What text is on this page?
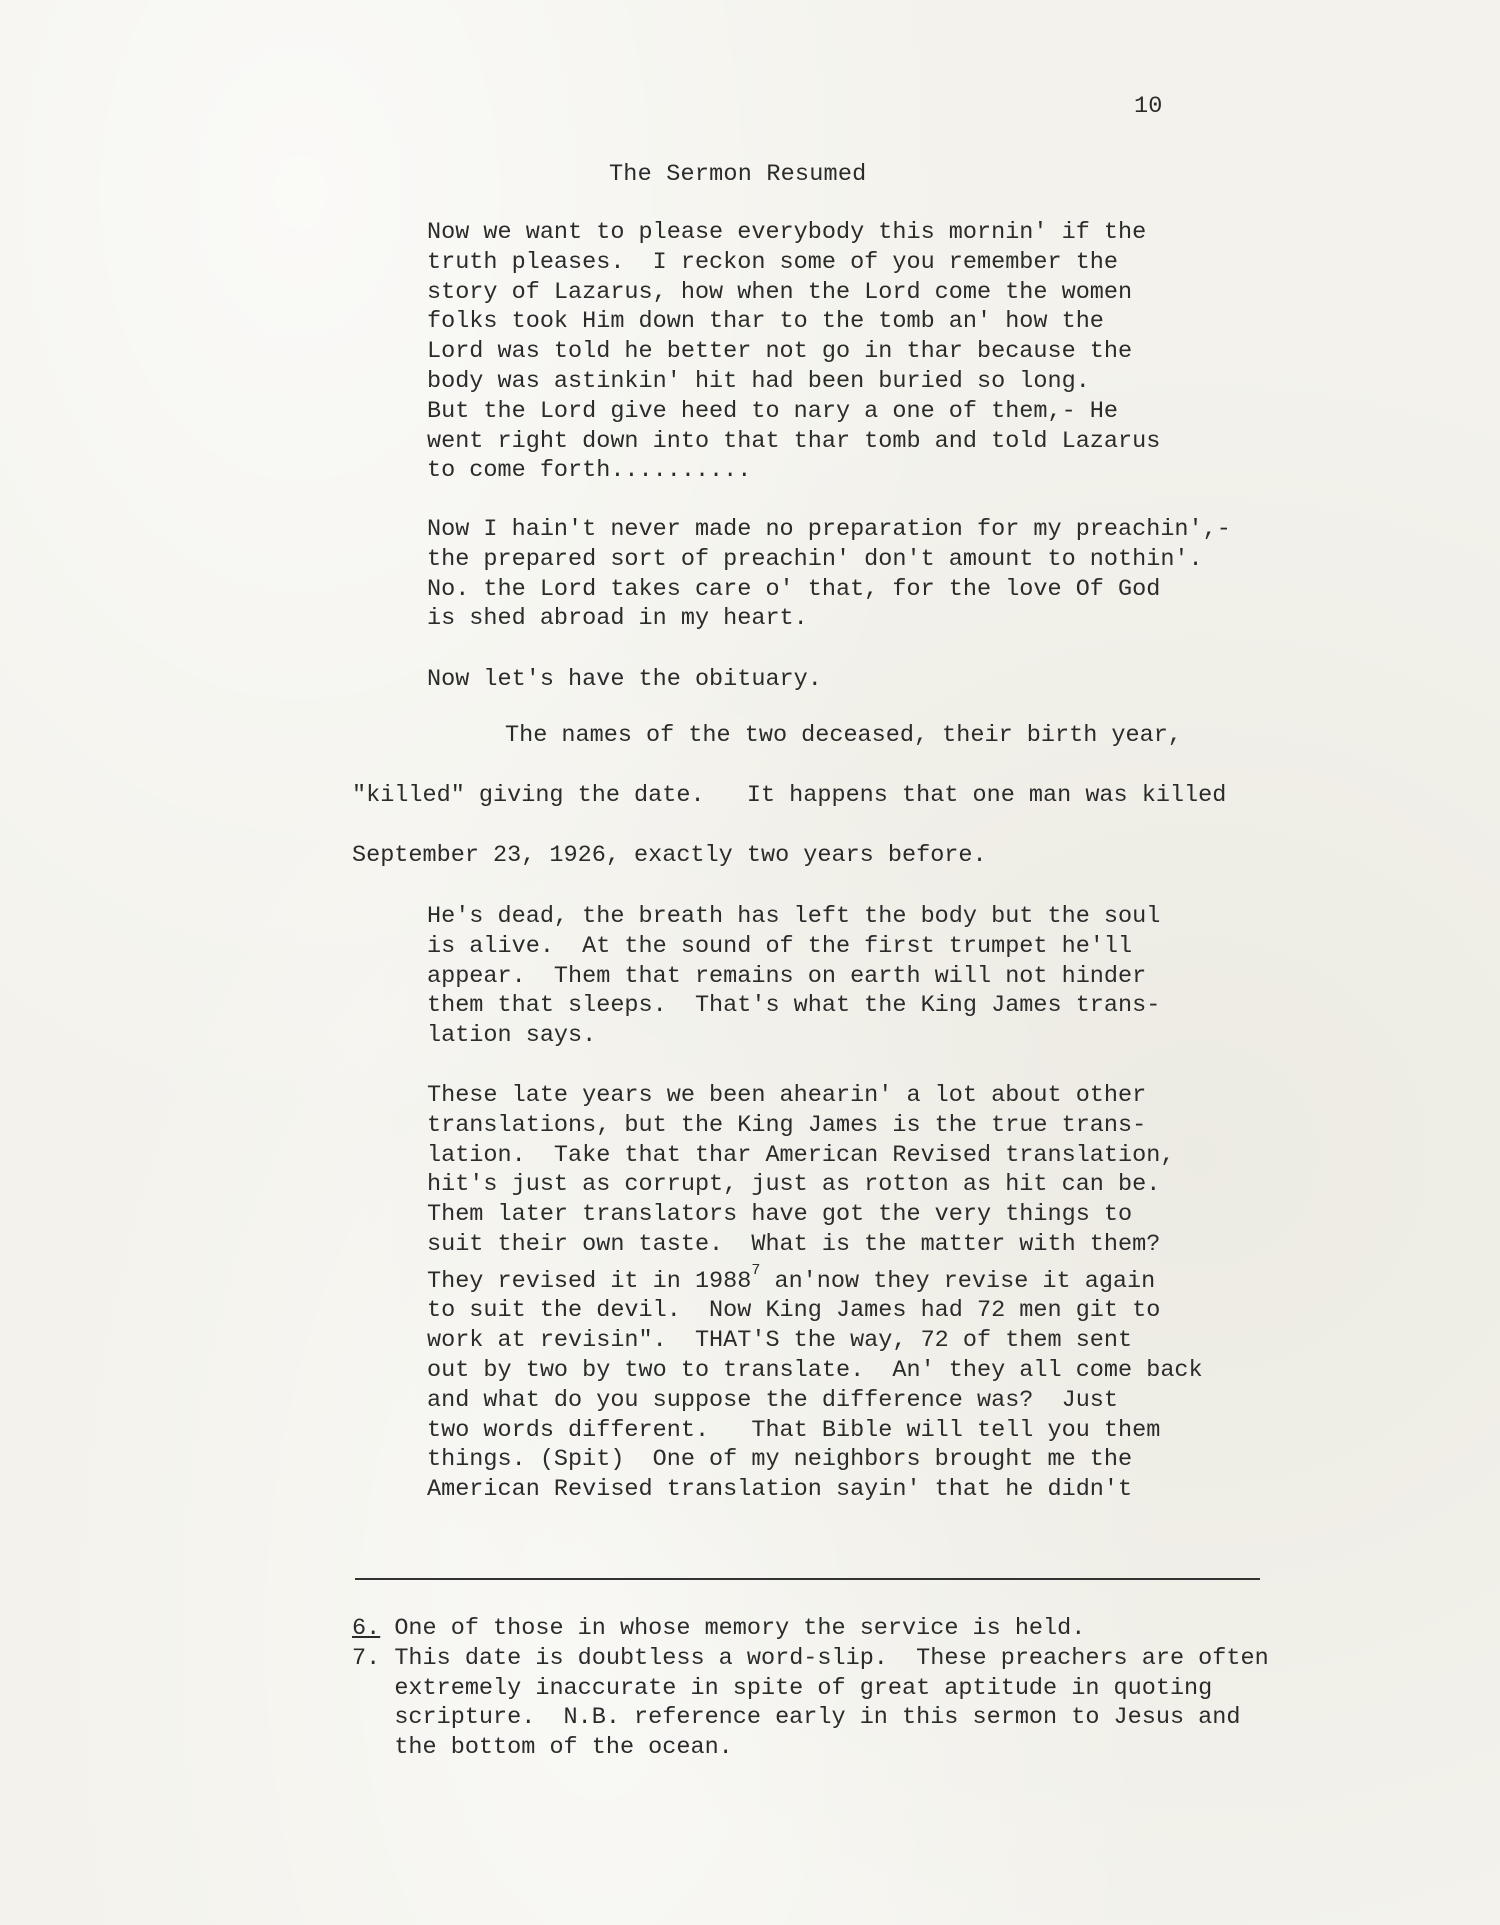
10
The Sermon Resumed
Now we want to please everybody this mornin' if the
truth pleases.  I reckon some of you remember the
story of Lazarus, how when the Lord come the women
folks took Him down thar to the tomb an' how the
Lord was told he better not go in thar because the
body was astinkin' hit had been buried so long.
But the Lord give heed to nary a one of them,- He
went right down into that thar tomb and told Lazarus
to come forth..........
Now I hain't never made no preparation for my preachin',-
the prepared sort of preachin' don't amount to nothin'.
No. the Lord takes care o' that, for the love Of God
is shed abroad in my heart.
Now let's have the obituary.
The names of the two deceased, their birth year,
"killed" giving the date.   It happens that one man was killed
September 23, 1926, exactly two years before.
He's dead, the breath has left the body but the soul
is alive.  At the sound of the first trumpet he'll
appear.  Them that remains on earth will not hinder
them that sleeps.  That's what the King James trans-
lation says.
These late years we been ahearin' a lot about other
translations, but the King James is the true trans-
lation.  Take that thar American Revised translation,
hit's just as corrupt, just as rotton as hit can be.
Them later translators have got the very things to
suit their own taste.  What is the matter with them?
They revised it in 1988$^7$ an'now they revise it again
to suit the devil.  Now King James had 72 men git to
work at revisin".  THAT'S the way, 72 of them sent
out by two by two to translate.  An' they all come back
and what do you suppose the difference was?  Just
two words different.   That Bible will tell you them
things. (Spit)  One of my neighbors brought me the
American Revised translation sayin' that he didn't
6. One of those in whose memory the service is held.
7. This date is doubtless a word-slip.  These preachers are often
extremely inaccurate in spite of great aptitude in quoting
scripture.  N.B. reference early in this sermon to Jesus and
the bottom of the ocean.
